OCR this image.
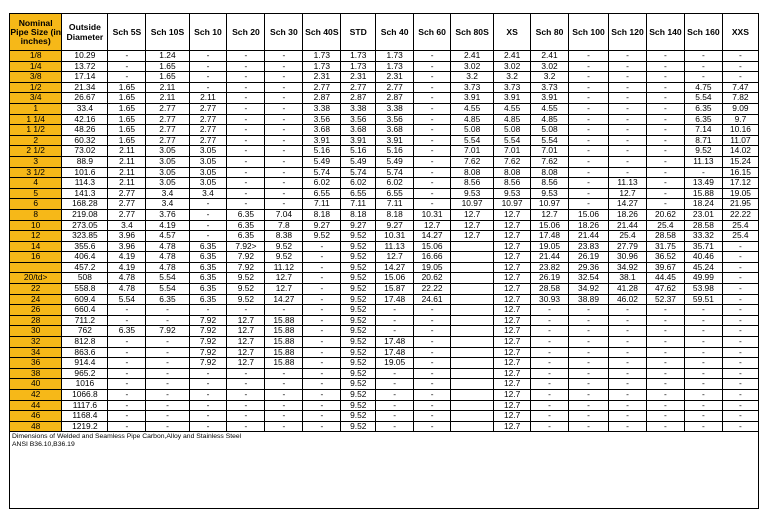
Nominal Pipe Size (in inches)	Outside Diameter	Sch 5S	Sch 10S	Sch 10	Sch 20	Sch 30	Sch 40S	STD	Sch 40	Sch 60	Sch 80S	XS	Sch 80	Sch 100	Sch 120	Sch 140	Sch 160	XXS
1/8	10.29	-	1.24	-	-	-	1.73	1.73	1.73	-	2.41	2.41	2.41	-	-	-	-	-
1/4	13.72	-	1.65	-	-	-	1.73	1.73	1.73	-	3.02	3.02	3.02	-	-	-	-	-
3/8	17.14	-	1.65	-	-	-	2.31	2.31	2.31	-	3.2	3.2	3.2	-	-	-	-	-
1/2	21.34	1.65	2.11	-	-	-	2.77	2.77	2.77	-	3.73	3.73	3.73	-	-	-	4.75	7.47
3/4	26.67	1.65	2.11	2.11	-	-	2.87	2.87	2.87	-	3.91	3.91	3.91	-	-	-	5.54	7.82
1	33.4	1.65	2.77	2.77	-	-	3.38	3.38	3.38	-	4.55	4.55	4.55	-	-	-	6.35	9.09
1 1/4	42.16	1.65	2.77	2.77	-	-	3.56	3.56	3.56	-	4.85	4.85	4.85	-	-	-	6.35	9.7
1 1/2	48.26	1.65	2.77	2.77	-	-	3.68	3.68	3.68	-	5.08	5.08	5.08	-	-	-	7.14	10.16
2	60.32	1.65	2.77	2.77	-	-	3.91	3.91	3.91	-	5.54	5.54	5.54	-	-	-	8.71	11.07
2 1/2	73.02	2.11	3.05	3.05	-	-	5.16	5.16	5.16	-	7.01	7.01	7.01	-	-	-	9.52	14.02
3	88.9	2.11	3.05	3.05	-	-	5.49	5.49	5.49	-	7.62	7.62	7.62	-	-	-	11.13	15.24
3 1/2	101.6	2.11	3.05	3.05	-	-	5.74	5.74	5.74	-	8.08	8.08	8.08	-	-	-	-	16.15
4	114.3	2.11	3.05	3.05	-	-	6.02	6.02	6.02	-	8.56	8.56	8.56	-	11.13	-	13.49	17.12
5	141.3	2.77	3.4	3.4	-	-	6.55	6.55	6.55	-	9.53	9.53	9.53	-	12.7	-	15.88	19.05
6	168.28	2.77	3.4	-	-	-	7.11	7.11	7.11	-	10.97	10.97	10.97	-	14.27	-	18.24	21.95
8	219.08	2.77	3.76	-	6.35	7.04	8.18	8.18	8.18	10.31	12.7	12.7	12.7	15.06	18.26	20.62	23.01	22.22
10	273.05	3.4	4.19	-	6.35	7.8	9.27	9.27	9.27	12.7	12.7	12.7	15.06	18.26	21.44	25.4	28.58	25.4
12	323.85	3.96	4.57	-	6.35	8.38	9.52	9.52	10.31	14.27	12.7	12.7	17.48	21.44	25.4	28.58	33.32	25.4
14	355.6	3.96	4.78	6.35	7.92>	9.52	-	9.52	11.13	15.06		12.7	19.05	23.83	27.79	31.75	35.71	-
16	406.4	4.19	4.78	6.35	7.92	9.52	-	9.52	12.7	16.66		12.7	21.44	26.19	30.96	36.52	40.46	-
	457.2	4.19	4.78	6.35	7.92	11.12	-	9.52	14.27	19.05		12.7	23.82	29.36	34.92	39.67	45.24	-
20/td>	508	4.78	5.54	6.35	9.52	12.7	-	9.52	15.06	20.62		12.7	26.19	32.54	38.1	44.45	49.99	-
22	558.8	4.78	5.54	6.35	9.52	12.7	-	9.52	15.87	22.22		12.7	28.58	34.92	41.28	47.62	53.98	-
24	609.4	5.54	6.35	6.35	9.52	14.27	-	9.52	17.48	24.61		12.7	30.93	38.89	46.02	52.37	59.51	-
26	660.4	-	-	-	-	-	-	9.52	-	-		12.7	-	-	-	-	-	-
28	711.2	-	-	7.92	12.7	15.88	-	9.52	-	-		12.7	-	-	-	-	-	-
30	762	6.35	7.92	7.92	12.7	15.88	-	9.52	-	-		12.7	-	-	-	-	-	-
32	812.8	-	-	7.92	12.7	15.88	-	9.52	17.48	-		12.7	-	-	-	-	-	-
34	863.6	-	-	7.92	12.7	15.88	-	9.52	17.48	-		12.7	-	-	-	-	-	-
36	914.4	-	-	7.92	12.7	15.88	-	9.52	19.05	-		12.7	-	-	-	-	-	-
38	965.2	-	-	-	-	-	-	9.52	-	-		12.7	-	-	-	-	-	-
40	1016	-	-	-	-	-	-	9.52	-	-		12.7	-	-	-	-	-	-
42	1066.8	-	-	-	-	-	-	9.52	-	-		12.7	-	-	-	-	-	-
44	1117.6	-	-	-	-	-	-	9.52	-	-		12.7	-	-	-	-	-	-
46	1168.4	-	-	-	-	-	-	9.52	-	-		12.7	-	-	-	-	-	-
48	1219.2	-	-	-	-	-	-	9.52	-	-		12.7	-	-	-	-	-	-

Dimensions of Welded and Seamless Pipe Carbon,Alloy and Stainless Steel
ANSI B36.10,B36.19																		
